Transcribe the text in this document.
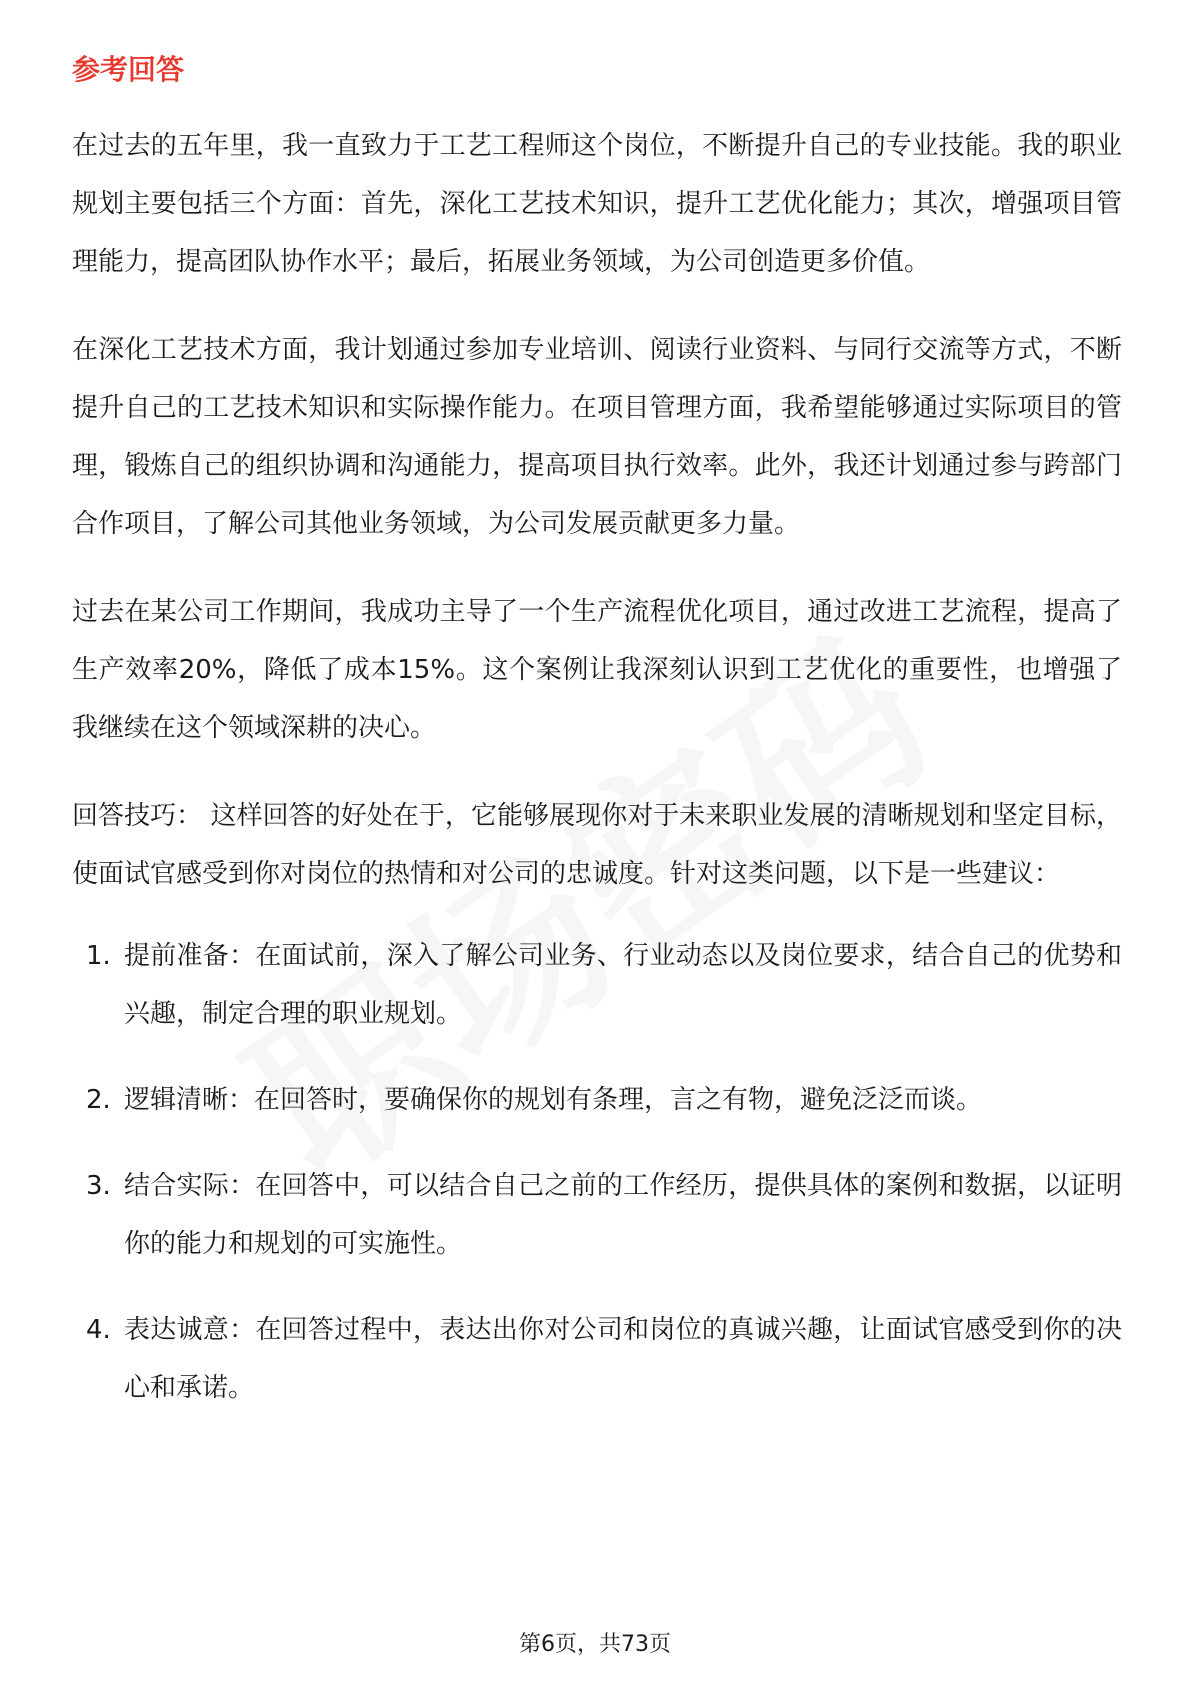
参考回答

在过去的五年里，我一直致力于工艺工程师这个岗位，不断提升自己的专业技能。我的职业规划主要包括三个方面：首先，深化工艺技术知识，提升工艺优化能力；其次，增强项目管理能力，提高团队协作水平；最后，拓展业务领域，为公司创造更多价值。

在深化工艺技术方面，我计划通过参加专业培训、阅读行业资料、与同行交流等方式，不断提升自己的工艺技术知识和实际操作能力。在项目管理方面，我希望能够通过实际项目的管理，锻炼自己的组织协调和沟通能力，提高项目执行效率。此外，我还计划通过参与跨部门合作项目，了解公司其他业务领域，为公司发展贡献更多力量。

过去在某公司工作期间，我成功主导了一个生产流程优化项目，通过改进工艺流程，提高了生产效率20%，降低了成本15%。这个案例让我深刻认识到工艺优化的重要性，也增强了我继续在这个领域深耕的决心。

回答技巧： 这样回答的好处在于，它能够展现你对于未来职业发展的清晰规划和坚定目标，使面试官感受到你对岗位的热情和对公司的忠诚度。针对这类问题，以下是一些建议：

1. 提前准备：在面试前，深入了解公司业务、行业动态以及岗位要求，结合自己的优势和兴趣，制定合理的职业规划。
2. 逻辑清晰：在回答时，要确保你的规划有条理，言之有物，避免泛泛而谈。
3. 结合实际：在回答中，可以结合自己之前的工作经历，提供具体的案例和数据，以证明你的能力和规划的可实施性。
4. 表达诚意：在回答过程中，表达出你对公司和岗位的真诚兴趣，让面试官感受到你的决心和承诺。
第6页，共73页
